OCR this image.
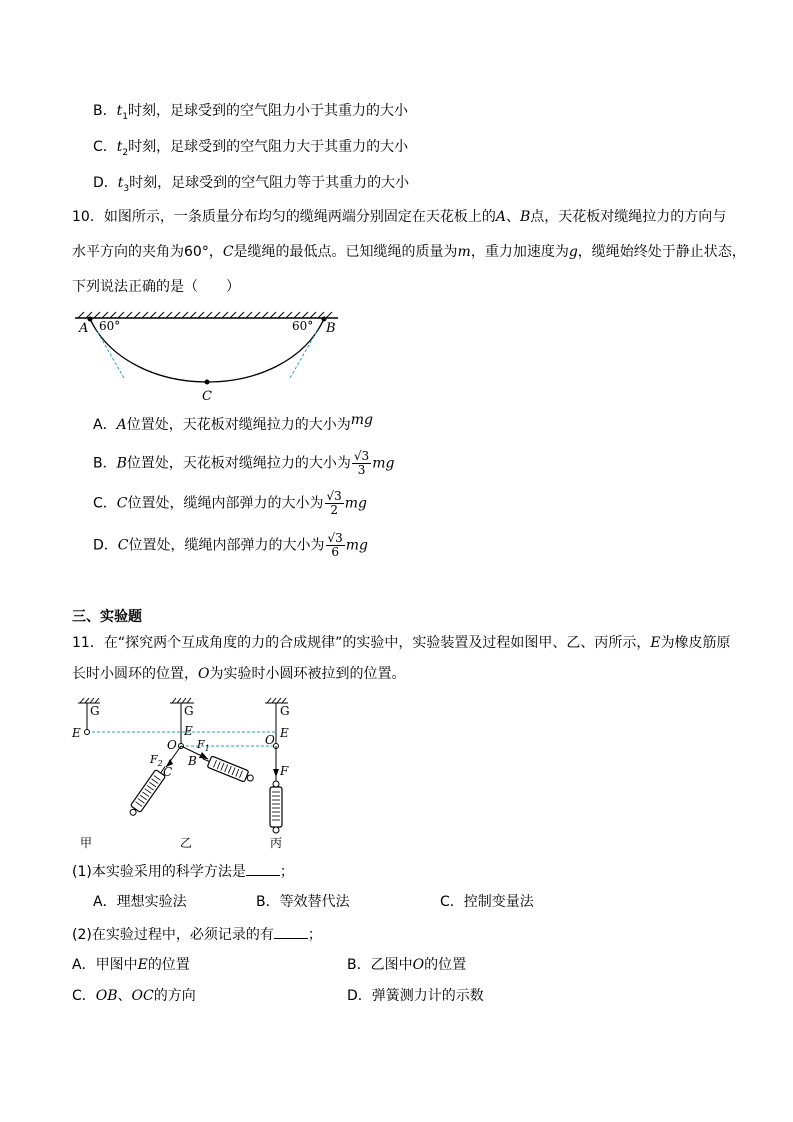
B．$t_1$时刻，足球受到的空气阻力小于其重力的大小
C．$t_2$时刻，足球受到的空气阻力大于其重力的大小
D．$t_3$时刻，足球受到的空气阻力等于其重力的大小
10．如图所示，一条质量分布均匀的缆绳两端分别固定在天花板上的A、B点，天花板对缆绳拉力的方向与
水平方向的夹角为60°，C是缆绳的最低点。已知缆绳的质量为m，重力加速度为g，缆绳始终处于静止状态，
下列说法正确的是（　　）
A 60°	60° B
C
A．A位置处，天花板对缆绳拉力的大小为mg
B．B位置处，天花板对缆绳拉力的大小为 $\frac{√3}{3}$ mg
C．C位置处，缆绳内部弹力的大小为 $\frac{√3}{2}$ mg
D．C位置处，缆绳内部弹力的大小为 $\frac{√3}{6}$ mg
三、实验题
11．在“探究两个互成角度的力的合成规律”的实验中，实验装置及过程如图甲、乙、丙所示，E为橡皮筋原
长时小圆环的位置，O为实验时小圆环被拉到的位置。
G
E
G
E
O
$F_2$
C
B
$F_1$
G
O E
F
甲	乙	丙
(1)本实验采用的科学方法是 ；
A．理想实验法	B．等效替代法	C．控制变量法
(2)在实验过程中，必须记录的有 ；
A．甲图中E的位置	B．乙图中O的位置
C．OB、OC的方向	D．弹簧测力计的示数
